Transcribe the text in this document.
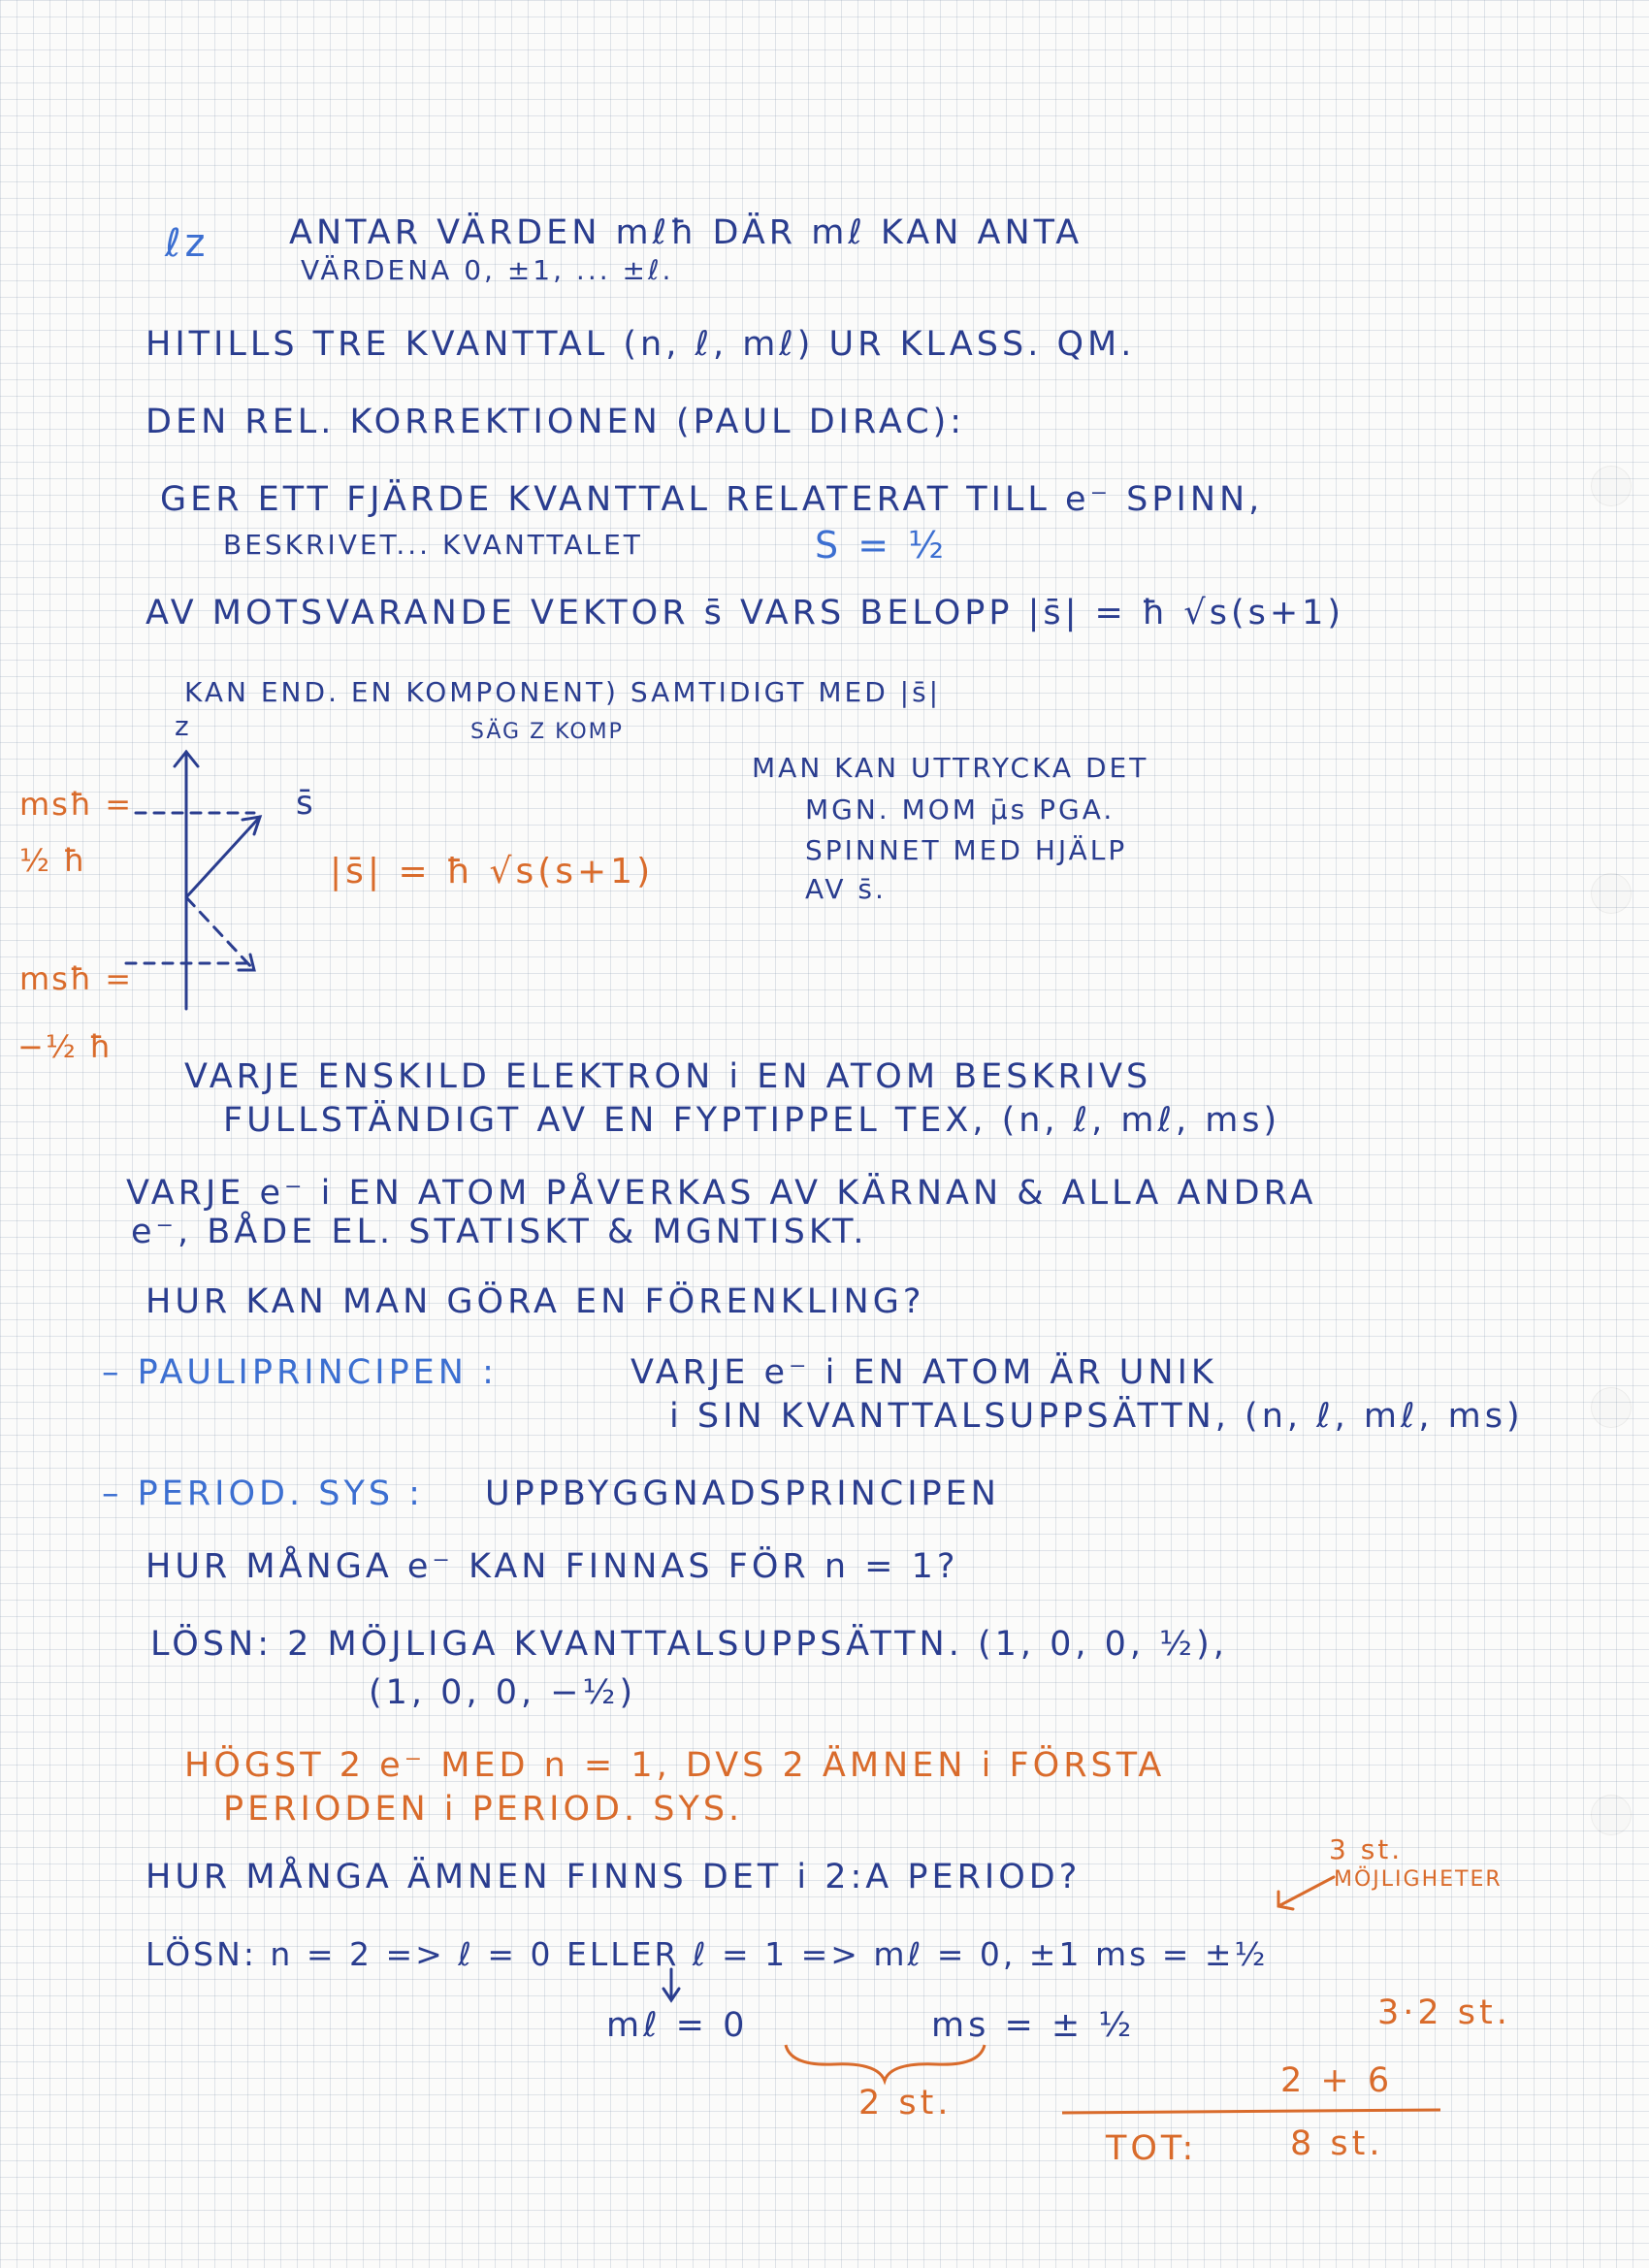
ℓz ANTAR VÄRDEN mℓħ DÄR mℓ KAN ANTA
VÄRDENA 0, ±1, ... ±ℓ.
HITILLS TRE KVANTTAL (n, ℓ, mℓ) UR KLASS. QM.
DEN REL. KORREKTIONEN (PAUL DIRAC):
GER ETT FJÄRDE KVANTTAL RELATERAT TILL e⁻ SPINN,
BESKRIVET... KVANTTALET	S = ½
AV MOTSVARANDE VEKTOR s̄ VARS BELOPP |s̄| = ħ √s(s+1)
KAN END. EN KOMPONENT) SAMTIDIGT MED |s̄|
SÄG Z KOMP
z
s̄
msħ =
½ ħ
msħ =
−½ ħ
|s̄| = ħ √s(s+1)
MAN KAN UTTRYCKA DET
MGN. MOM μ̄s PGA.
SPINNET MED HJÄLP
AV s̄.
VARJE ENSKILD ELEKTRON i EN ATOM BESKRIVS
FULLSTÄNDIGT AV EN FYPTIPPEL TEX, (n, ℓ, mℓ, ms)
VARJE e⁻ i EN ATOM PÅVERKAS AV KÄRNAN & ALLA ANDRA
e⁻, BÅDE EL. STATISKT & MGNTISKT.
HUR KAN MAN GÖRA EN FÖRENKLING?
– PAULIPRINCIPEN :	VARJE e⁻ i EN ATOM ÄR UNIK
i SIN KVANTTALSUPPSÄTTN, (n, ℓ, mℓ, ms)
– PERIOD. SYS : UPPBYGGNADSPRINCIPEN
HUR MÅNGA e⁻ KAN FINNAS FÖR n = 1?
LÖSN: 2 MÖJLIGA KVANTTALSUPPSÄTTN. (1, 0, 0, ½),
(1, 0, 0, −½)
HÖGST 2 e⁻ MED n = 1, DVS 2 ÄMNEN i FÖRSTA
PERIODEN i PERIOD. SYS.
HUR MÅNGA ÄMNEN FINNS DET i 2:A PERIOD?
3 st.
MÖJLIGHETER
LÖSN: n = 2 => ℓ = 0 ELLER ℓ = 1 => mℓ = 0, ±1 ms = ±½
mℓ = 0	ms = ± ½	3·2 st.
2 st.
2 + 6
TOT:	8 st.
